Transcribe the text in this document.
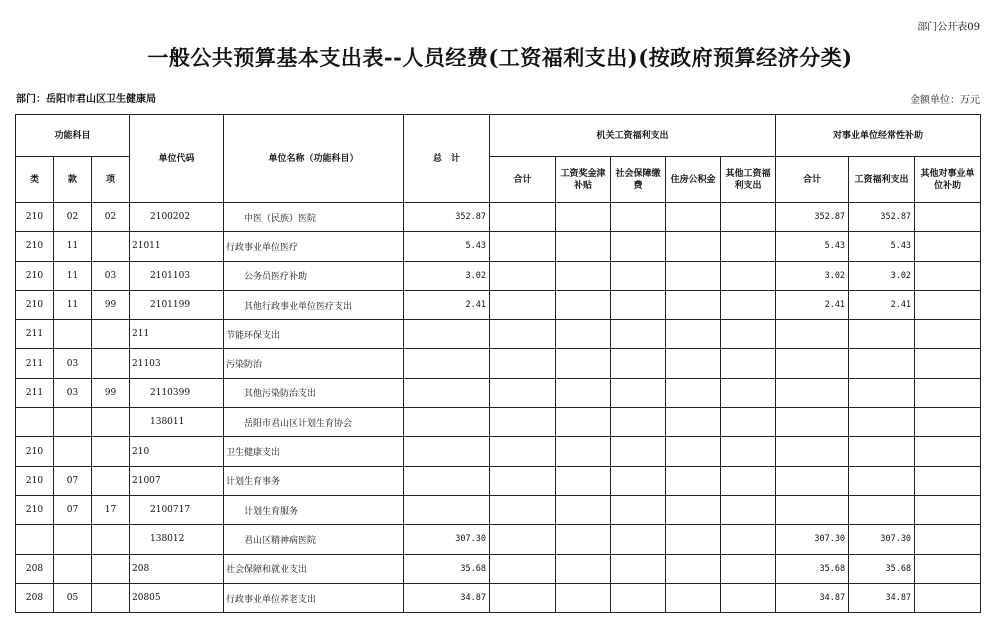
部门公开表09
一般公共预算基本支出表--人员经费(工资福利支出)(按政府预算经济分类)
部门：岳阳市君山区卫生健康局	金额单位：万元
功能科目			单位代码	单位名称（功能科目）	总　计	机关工资福利支出					对事业单位经常性补助		
类	款	项				合计	工资奖金津补贴	社会保障缴费	住房公积金	其他工资福利支出	合计	工资福利支出	其他对事业单位补助
210	02	02	2100202	中医（民族）医院	352.87						352.87	352.87	
210	11		21011	行政事业单位医疗	5.43						5.43	5.43	
210	11	03	2101103	公务员医疗补助	3.02						3.02	3.02	
210	11	99	2101199	其他行政事业单位医疗支出	2.41						2.41	2.41	
211			211	节能环保支出									
211	03		21103	污染防治									
211	03	99	2110399	其他污染防治支出									
			138011	岳阳市君山区计划生育协会									
210			210	卫生健康支出									
210	07		21007	计划生育事务									
210	07	17	2100717	计划生育服务									
			138012	君山区精神病医院	307.30						307.30	307.30	
208			208	社会保障和就业支出	35.68						35.68	35.68	
208	05		20805	行政事业单位养老支出	34.87						34.87	34.87	
